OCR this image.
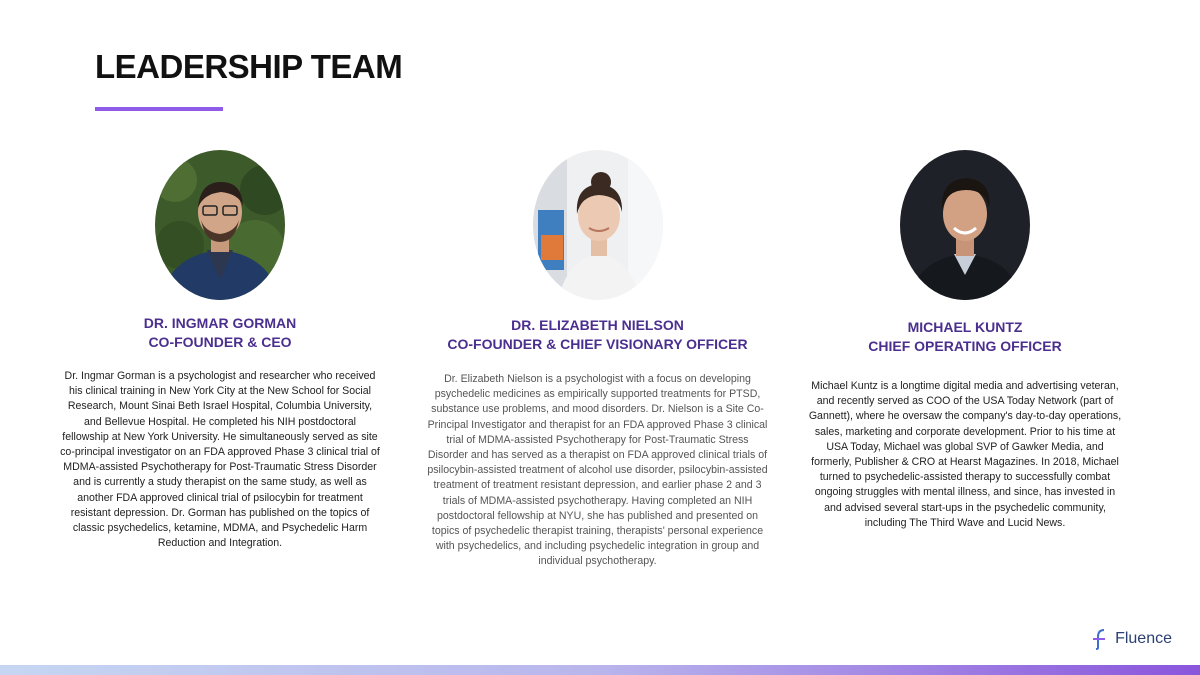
LEADERSHIP TEAM
DR. INGMAR GORMAN
CO-FOUNDER & CEO
Dr. Ingmar Gorman is a psychologist and researcher who received his clinical training in New York City at the New School for Social Research, Mount Sinai Beth Israel Hospital, Columbia University, and Bellevue Hospital. He completed his NIH postdoctoral fellowship at New York University. He simultaneously served as site co-principal investigator on an FDA approved Phase 3 clinical trial of MDMA-assisted Psychotherapy for Post-Traumatic Stress Disorder and is currently a study therapist on the same study, as well as another FDA approved clinical trial of psilocybin for treatment resistant depression. Dr. Gorman has published on the topics of classic psychedelics, ketamine, MDMA, and Psychedelic Harm Reduction and Integration.
DR. ELIZABETH NIELSON
CO-FOUNDER & CHIEF VISIONARY OFFICER
Dr. Elizabeth Nielson is a psychologist with a focus on developing psychedelic medicines as empirically supported treatments for PTSD, substance use problems, and mood disorders. Dr. Nielson is a Site Co-Principal Investigator and therapist for an FDA approved Phase 3 clinical trial of MDMA-assisted Psychotherapy for Post-Traumatic Stress Disorder and has served as a therapist on FDA approved clinical trials of psilocybin-assisted treatment of alcohol use disorder, psilocybin-assisted treatment of treatment resistant depression, and earlier phase 2 and 3 trials of MDMA-assisted psychotherapy. Having completed an NIH postdoctoral fellowship at NYU, she has published and presented on topics of psychedelic therapist training, therapists' personal experience with psychedelics, and including psychedelic integration in group and individual psychotherapy.
MICHAEL KUNTZ
CHIEF OPERATING OFFICER
Michael Kuntz is a longtime digital media and advertising veteran, and recently served as COO of the USA Today Network (part of Gannett), where he oversaw the company's day-to-day operations, sales, marketing and corporate development. Prior to his time at USA Today, Michael was global SVP of Gawker Media, and formerly, Publisher & CRO at Hearst Magazines. In 2018, Michael turned to psychedelic-assisted therapy to successfully combat ongoing struggles with mental illness, and since, has invested in and advised several start-ups in the psychedelic community, including The Third Wave and Lucid News.
Fluence
